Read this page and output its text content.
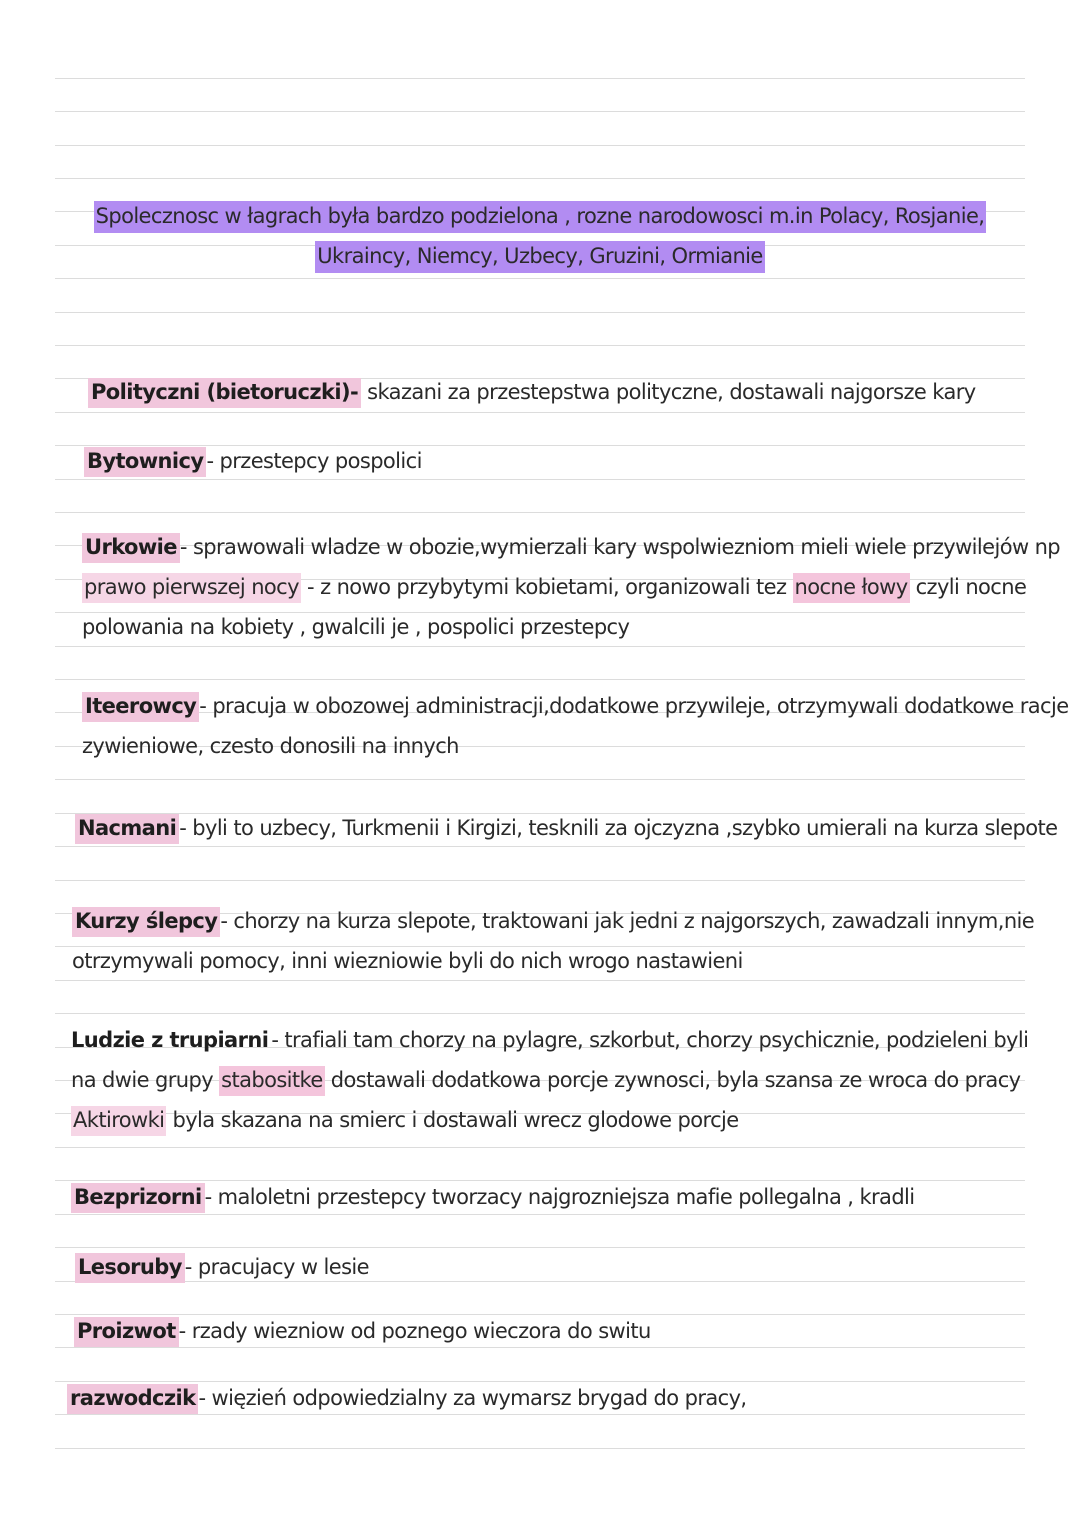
Spolecznosc w łagrach była bardzo podzielona , rozne narodowosci m.in Polacy, Rosjanie,
Ukraincy, Niemcy, Uzbecy, Gruzini, Ormianie
Polityczni (bietoruczki)- skazani za przestepstwa polityczne, dostawali najgorsze kary
Bytownicy - przestepcy pospolici
Urkowie - sprawowali wladze w obozie,wymierzali kary wspolwiezniom mieli wiele przywilejów np
prawo pierwszej nocy - z nowo przybytymi kobietami, organizowali tez nocne łowy czyli nocne
polowania na kobiety , gwalcili je , pospolici przestepcy
Iteerowcy - pracuja w obozowej administracji,dodatkowe przywileje, otrzymywali dodatkowe racje
zywieniowe, czesto donosili na innych
Nacmani - byli to uzbecy, Turkmenii i Kirgizi, tesknili za ojczyzna ,szybko umierali na kurza slepote
Kurzy ślepcy - chorzy na kurza slepote, traktowani jak jedni z najgorszych, zawadzali innym,nie
otrzymywali pomocy, inni wiezniowie byli do nich wrogo nastawieni
Ludzie z trupiarni - trafiali tam chorzy na pylagre, szkorbut, chorzy psychicznie, podzieleni byli
na dwie grupy stabositke dostawali dodatkowa porcje zywnosci, byla szansa ze wroca do pracy
Aktirowki byla skazana na smierc i dostawali wrecz glodowe porcje
Bezprizorni - maloletni przestepcy tworzacy najgrozniejsza mafie pollegalna , kradli
Lesoruby - pracujacy w lesie
Proizwot - rzady wiezniow od poznego wieczora do switu
razwodczik - więzień odpowiedzialny za wymarsz brygad do pracy,
